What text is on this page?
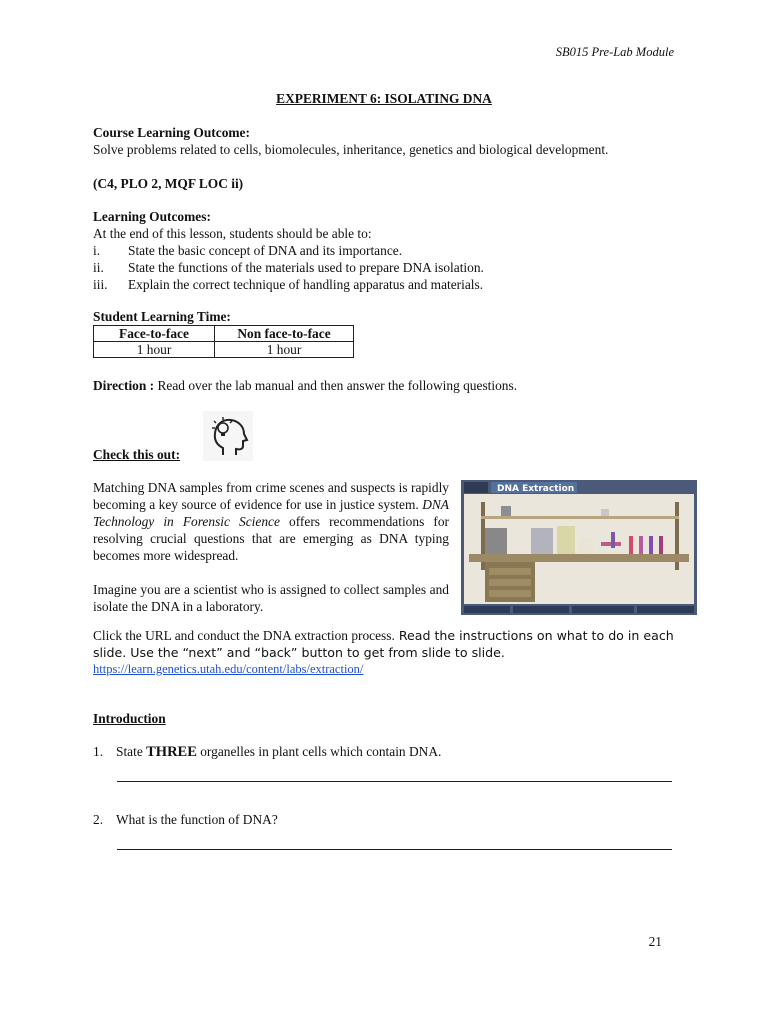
SB015 Pre-Lab Module
EXPERIMENT 6: ISOLATING DNA
Course Learning Outcome:
Solve problems related to cells, biomolecules, inheritance, genetics and biological development.
(C4, PLO 2, MQF LOC ii)
Learning Outcomes:
At the end of this lesson, students should be able to:
i.	State the basic concept of DNA and its importance.
ii.	State the functions of the materials used to prepare DNA isolation.
iii.	Explain the correct technique of handling apparatus and materials.
Student Learning Time:
Face-to-face	Non face-to-face
1 hour	1 hour
Direction : Read over the lab manual and then answer the following questions.
Check this out:
Matching DNA samples from crime scenes and suspects is rapidly becoming a key source of evidence for use in justice system. DNA Technology in Forensic Science offers recommendations for resolving crucial questions that are emerging as DNA typing becomes more widespread.
Imagine you are a scientist who is assigned to collect samples and isolate the DNA in a laboratory.
DNA Extraction
Click the URL and conduct the DNA extraction process. Read the instructions on what to do in each slide. Use the “next” and “back” button to get from slide to slide.
https://learn.genetics.utah.edu/content/labs/extraction/
Introduction
1. State THREE organelles in plant cells which contain DNA.
2. What is the function of DNA?
21
